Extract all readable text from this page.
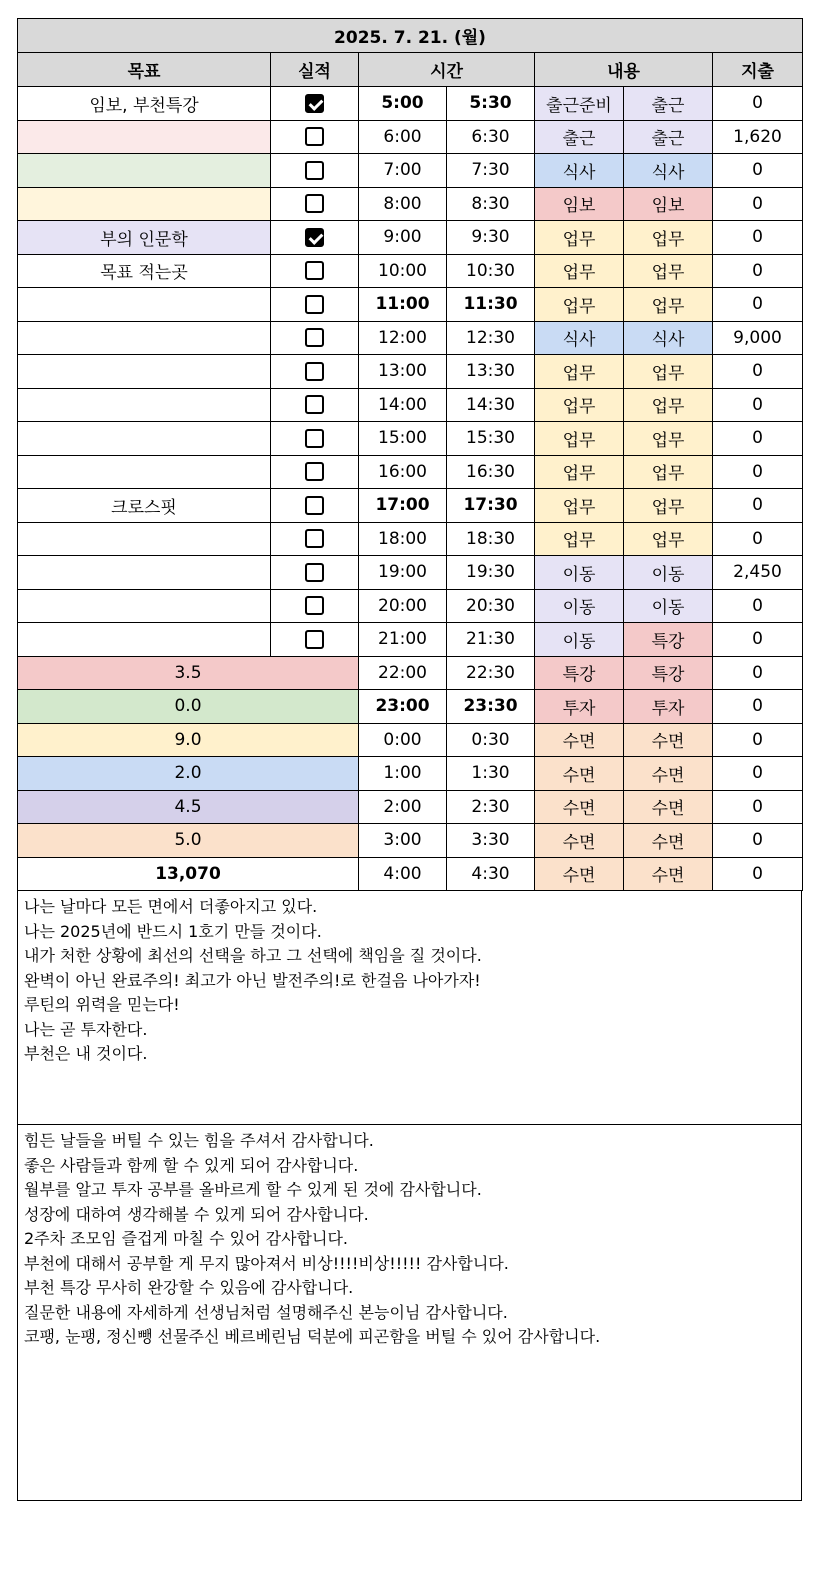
2025. 7. 21. (월)						
목표	실적	시간		내용		지출
임보, 부천특강		5:00	5:30	출근준비	출근	0
		6:00	6:30	출근	출근	1,620
		7:00	7:30	식사	식사	0
		8:00	8:30	임보	임보	0
부의 인문학		9:00	9:30	업무	업무	0
목표 적는곳		10:00	10:30	업무	업무	0
		11:00	11:30	업무	업무	0
		12:00	12:30	식사	식사	9,000
		13:00	13:30	업무	업무	0
		14:00	14:30	업무	업무	0
		15:00	15:30	업무	업무	0
		16:00	16:30	업무	업무	0
크로스핏		17:00	17:30	업무	업무	0
		18:00	18:30	업무	업무	0
		19:00	19:30	이동	이동	2,450
		20:00	20:30	이동	이동	0
		21:00	21:30	이동	특강	0
3.5		22:00	22:30	특강	특강	0
0.0		23:00	23:30	투자	투자	0
9.0		0:00	0:30	수면	수면	0
2.0		1:00	1:30	수면	수면	0
4.5		2:00	2:30	수면	수면	0
5.0		3:00	3:30	수면	수면	0
13,070		4:00	4:30	수면	수면	0

나는 날마다 모든 면에서 더좋아지고 있다.

나는 2025년에 반드시 1호기 만들 것이다.

내가 처한 상황에 최선의 선택을 하고 그 선택에 책임을 질 것이다.

완벽이 아닌 완료주의! 최고가 아닌 발전주의!로 한걸음 나아가자!

루틴의 위력을 믿는다!

나는 곧 투자한다.

부천은 내 것이다.

힘든 날들을 버틸 수 있는 힘을 주셔서 감사합니다.

좋은 사람들과 함께 할 수 있게 되어 감사합니다.

월부를 알고 투자 공부를 올바르게 할 수 있게 된 것에 감사합니다.

성장에 대하여 생각해볼 수 있게 되어 감사합니다.

2주차 조모임 즐겁게 마칠 수 있어 감사합니다.

부천에 대해서 공부할 게 무지 많아져서 비상!!!!비상!!!!! 감사합니다.

부천 특강 무사히 완강할 수 있음에 감사합니다.

질문한 내용에 자세하게 선생님처럼 설명해주신 본능이님 감사합니다.

코팽, 눈팽, 정신뺑 선물주신 베르베린님 덕분에 피곤함을 버틸 수 있어 감사합니다.
